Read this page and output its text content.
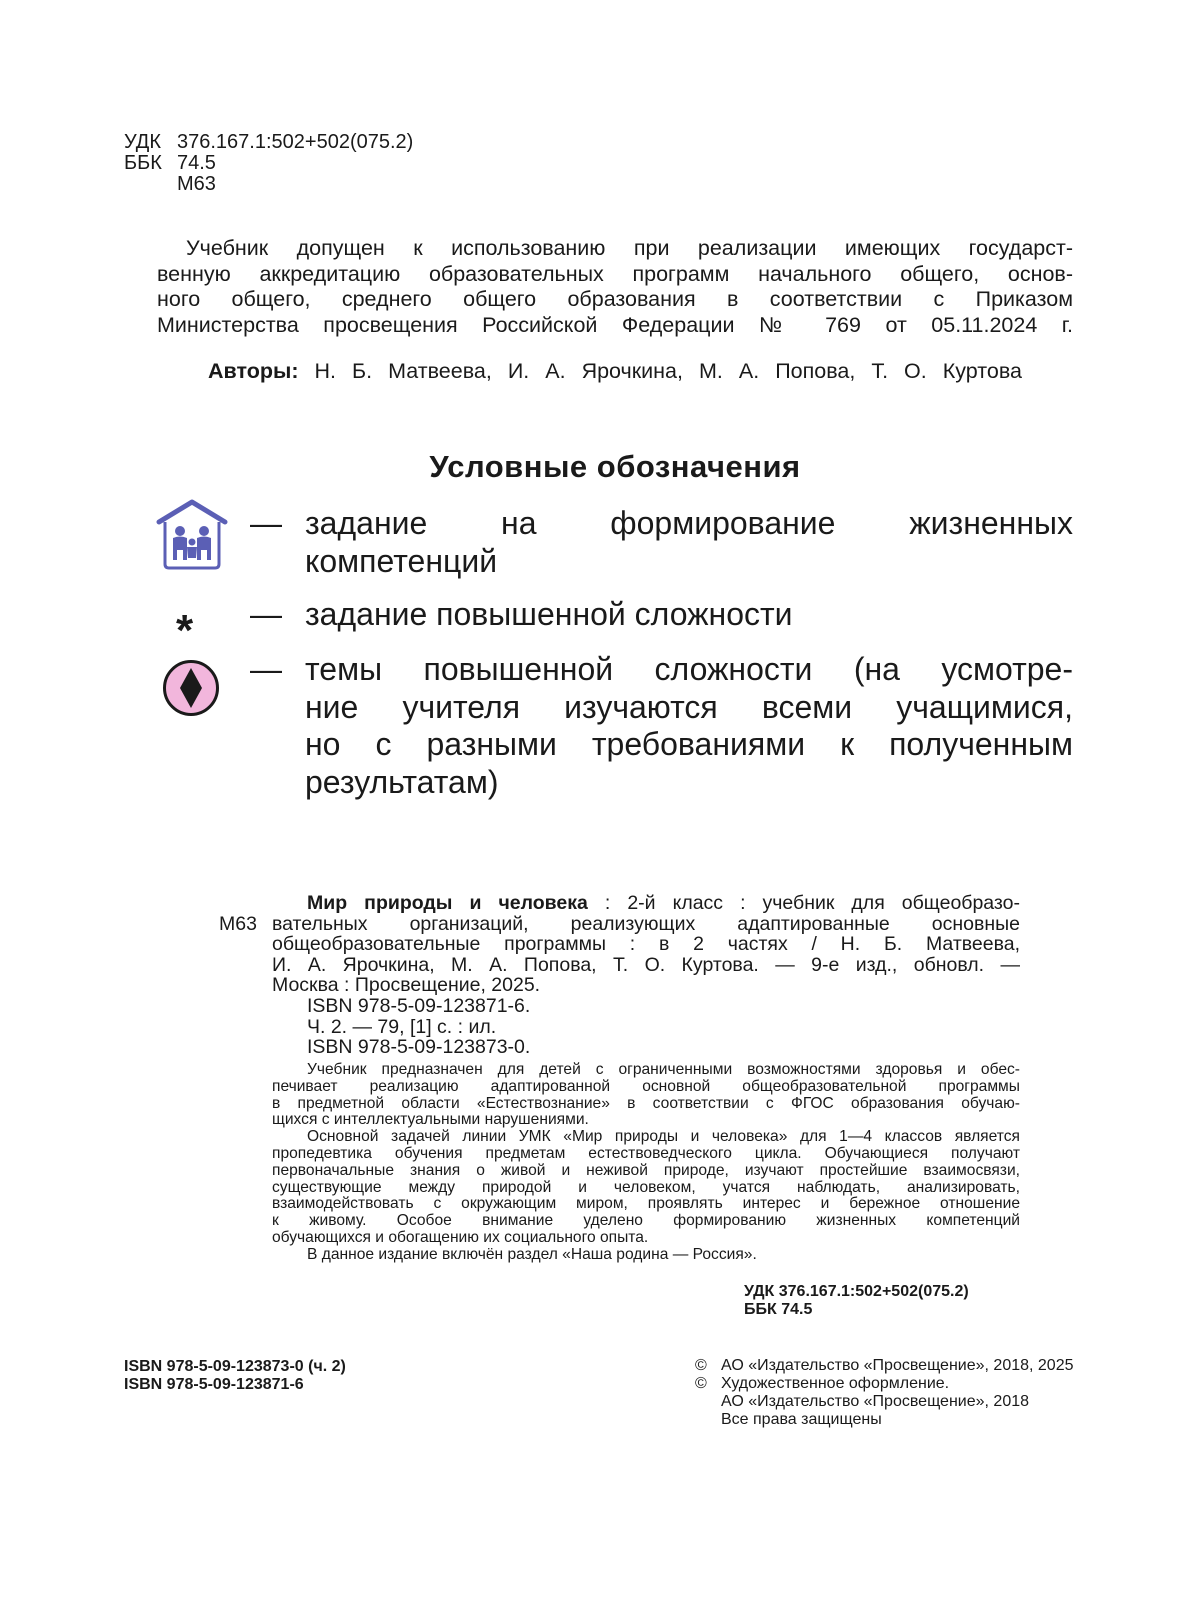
УДК 376.167.1:502+502(075.2)
ББК 74.5
М63
Учебник допущен к использованию при реализации имеющих государст-
венную аккредитацию образовательных программ начального общего, основ-
ного общего, среднего общего образования в соответствии с Приказом
Министерства просвещения Российской Федерации № 769 от 05.11.2024 г.
Авторы: Н. Б. Матвеева, И. А. Ярочкина, М. А. Попова, Т. О. Куртова
Условные обозначения
— задание на формирование жизненных
компетенций
* — задание повышенной сложности
— темы повышенной сложности (на усмотре-
ние учителя изучаются всеми учащимися,
но с разными требованиями к полученным
результатам)
М63
Мир природы и человека : 2-й класс : учебник для общеобразо-
вательных организаций, реализующих адаптированные основные
общеобразовательные программы : в 2 частях / Н. Б. Матвеева,
И. А. Ярочкина, М. А. Попова, Т. О. Куртова. — 9-е изд., обновл. —
Москва : Просвещение, 2025.
ISBN 978-5-09-123871-6.
Ч. 2. — 79, [1] с. : ил.
ISBN 978-5-09-123873-0.
Учебник предназначен для детей с ограниченными возможностями здоровья и обес-
печивает реализацию адаптированной основной общеобразовательной программы
в предметной области «Естествознание» в соответствии с ФГОС образования обучаю-
щихся с интеллектуальными нарушениями.
Основной задачей линии УМК «Мир природы и человека» для 1—4 классов является
пропедевтика обучения предметам естествоведческого цикла. Обучающиеся получают
первоначальные знания о живой и неживой природе, изучают простейшие взаимосвязи,
существующие между природой и человеком, учатся наблюдать, анализировать,
взаимодействовать с окружающим миром, проявлять интерес и бережное отношение
к живому. Особое внимание уделено формированию жизненных компетенций
обучающихся и обогащению их социального опыта.
В данное издание включён раздел «Наша родина — Россия».
УДК 376.167.1:502+502(075.2)
ББК 74.5
ISBN 978-5-09-123873-0 (ч. 2)
ISBN 978-5-09-123871-6
© АО «Издательство «Просвещение», 2018, 2025
© Художественное оформление.
АО «Издательство «Просвещение», 2018
Все права защищены
